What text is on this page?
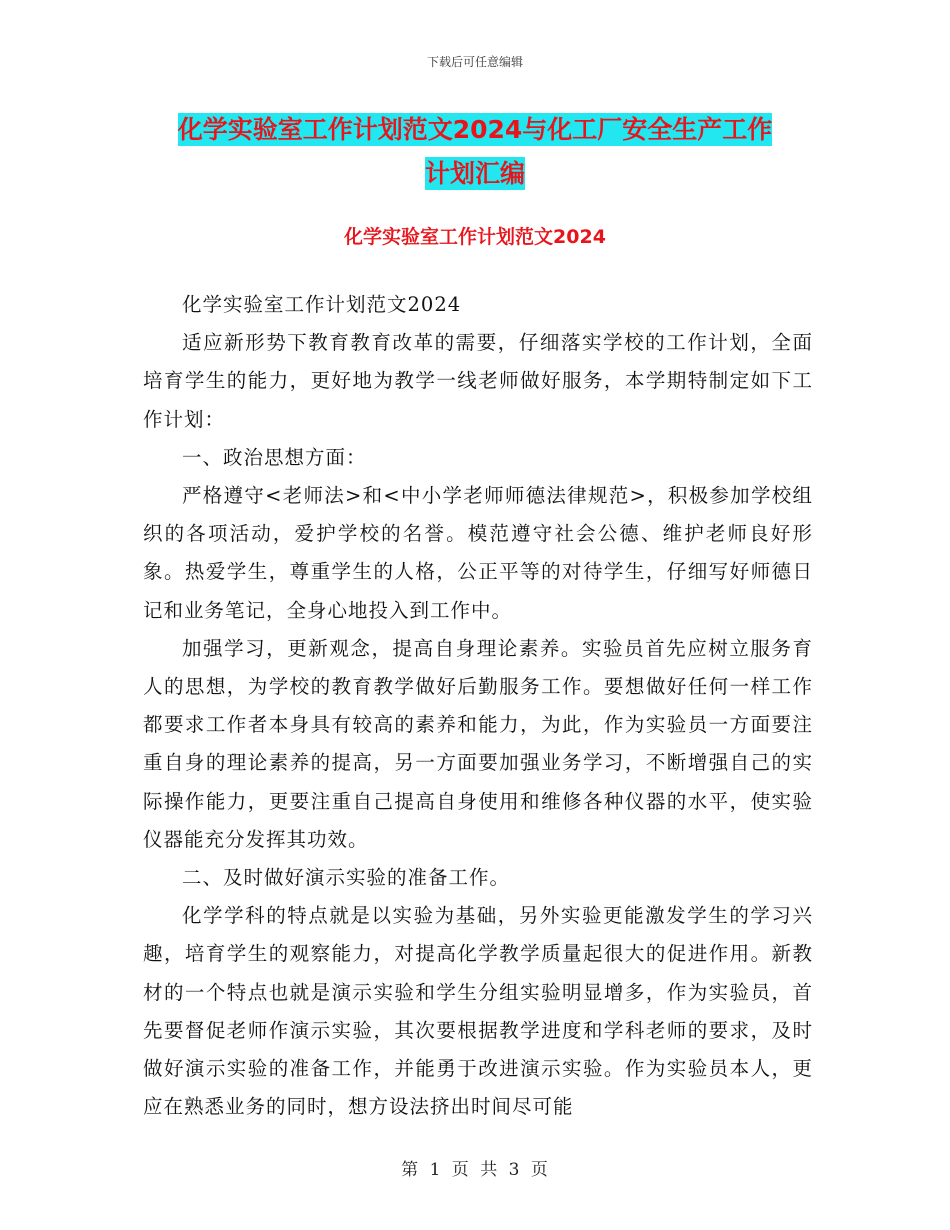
下载后可任意编辑
化学实验室工作计划范文2024与化工厂安全生产工作
计划汇编
化学实验室工作计划范文2024

化学实验室工作计划范文2024

适应新形势下教育教育改革的需要，仔细落实学校的工作计划，全面培育学生的能力，更好地为教学一线老师做好服务，本学期特制定如下工作计划：

一、政治思想方面：

严格遵守<老师法>和<中小学老师师德法律规范>，积极参加学校组织的各项活动，爱护学校的名誉。模范遵守社会公德、维护老师良好形象。热爱学生，尊重学生的人格，公正平等的对待学生，仔细写好师德日记和业务笔记，全身心地投入到工作中。

加强学习，更新观念，提高自身理论素养。实验员首先应树立服务育人的思想，为学校的教育教学做好后勤服务工作。要想做好任何一样工作都要求工作者本身具有较高的素养和能力，为此，作为实验员一方面要注重自身的理论素养的提高，另一方面要加强业务学习，不断增强自己的实际操作能力，更要注重自己提高自身使用和维修各种仪器的水平，使实验仪器能充分发挥其功效。

二、及时做好演示实验的准备工作。

化学学科的特点就是以实验为基础，另外实验更能激发学生的学习兴趣，培育学生的观察能力，对提高化学教学质量起很大的促进作用。新教材的一个特点也就是演示实验和学生分组实验明显增多，作为实验员，首先要督促老师作演示实验，其次要根据教学进度和学科老师的要求，及时做好演示实验的准备工作，并能勇于改进演示实验。作为实验员本人，更应在熟悉业务的同时，想方设法挤出时间尽可能

第 1 页 共 3 页
